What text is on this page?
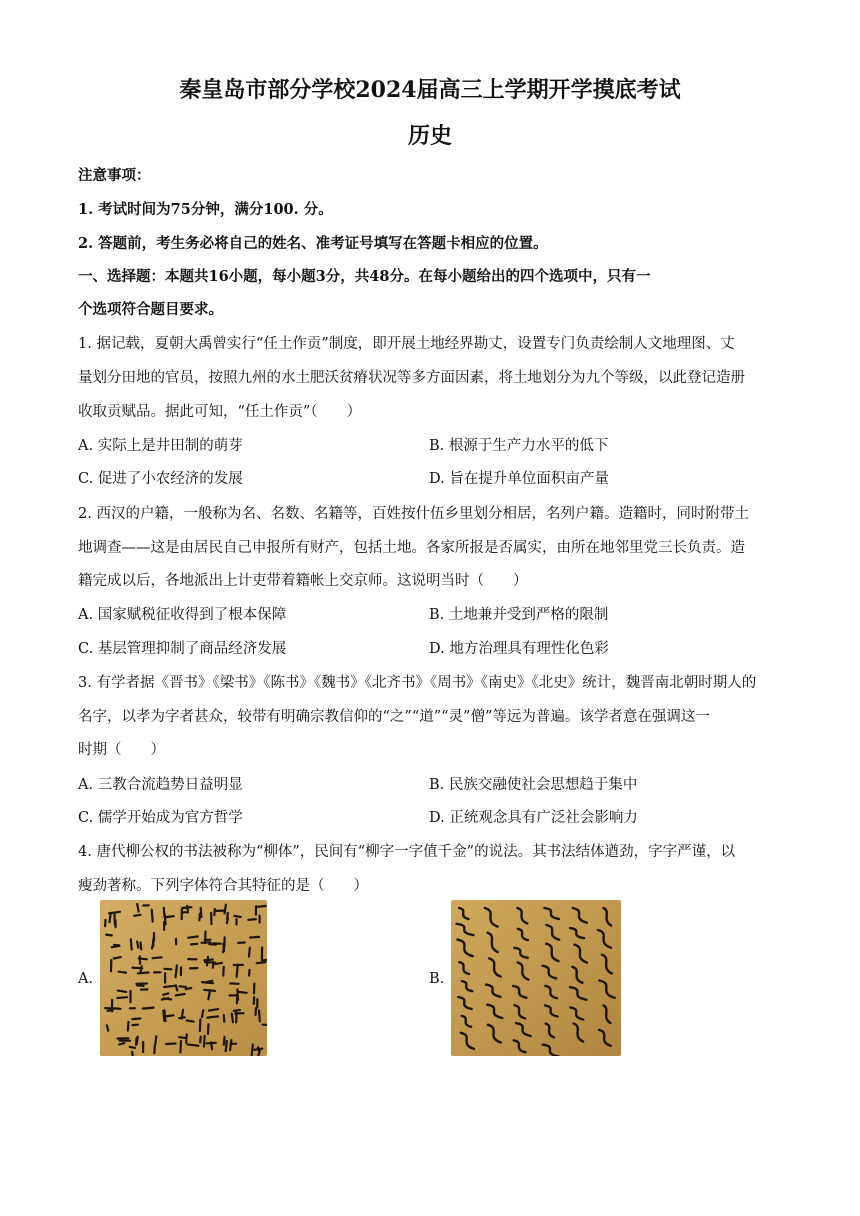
秦皇岛市部分学校2024届高三上学期开学摸底考试
历史
注意事项：
1. 考试时间为75分钟，满分100. 分。
2. 答题前，考生务必将自己的姓名、准考证号填写在答题卡相应的位置。
一、选择题：本题共16小题，每小题3分，共48分。在每小题给出的四个选项中，只有一
个选项符合题目要求。
1. 据记载，夏朝大禹曾实行“任土作贡”制度，即开展土地经界勘丈，设置专门负责绘制人文地理图、丈
量划分田地的官员，按照九州的水土肥沃贫瘠状况等多方面因素，将土地划分为九个等级，以此登记造册
收取贡赋品。据此可知，“任土作贡”（　　）
A. 实际上是井田制的萌芽	B. 根源于生产力水平的低下
C. 促进了小农经济的发展	D. 旨在提升单位面积亩产量
2. 西汉的户籍，一般称为名、名数、名籍等，百姓按什伍乡里划分相居，名列户籍。造籍时，同时附带土
地调查——这是由居民自己申报所有财产，包括土地。各家所报是否属实，由所在地邻里党三长负责。造
籍完成以后，各地派出上计吏带着籍帐上交京师。这说明当时（　　）
A. 国家赋税征收得到了根本保障	B. 土地兼并受到严格的限制
C. 基层管理抑制了商品经济发展	D. 地方治理具有理性化色彩
3. 有学者据《晋书》《梁书》《陈书》《魏书》《北齐书》《周书》《南史》《北史》统计，魏晋南北朝时期人的
名字，以孝为字者甚众，较带有明确宗教信仰的“之”“道”“灵”僧”等远为普遍。该学者意在强调这一
时期（　　）
A. 三教合流趋势日益明显	B. 民族交融使社会思想趋于集中
C. 儒学开始成为官方哲学	D. 正统观念具有广泛社会影响力
4. 唐代柳公权的书法被称为“柳体”，民间有“柳字一字值千金”的说法。其书法结体遒劲，字字严谨，以
瘦劲著称。下列字体符合其特征的是（　　）
A.	B.
